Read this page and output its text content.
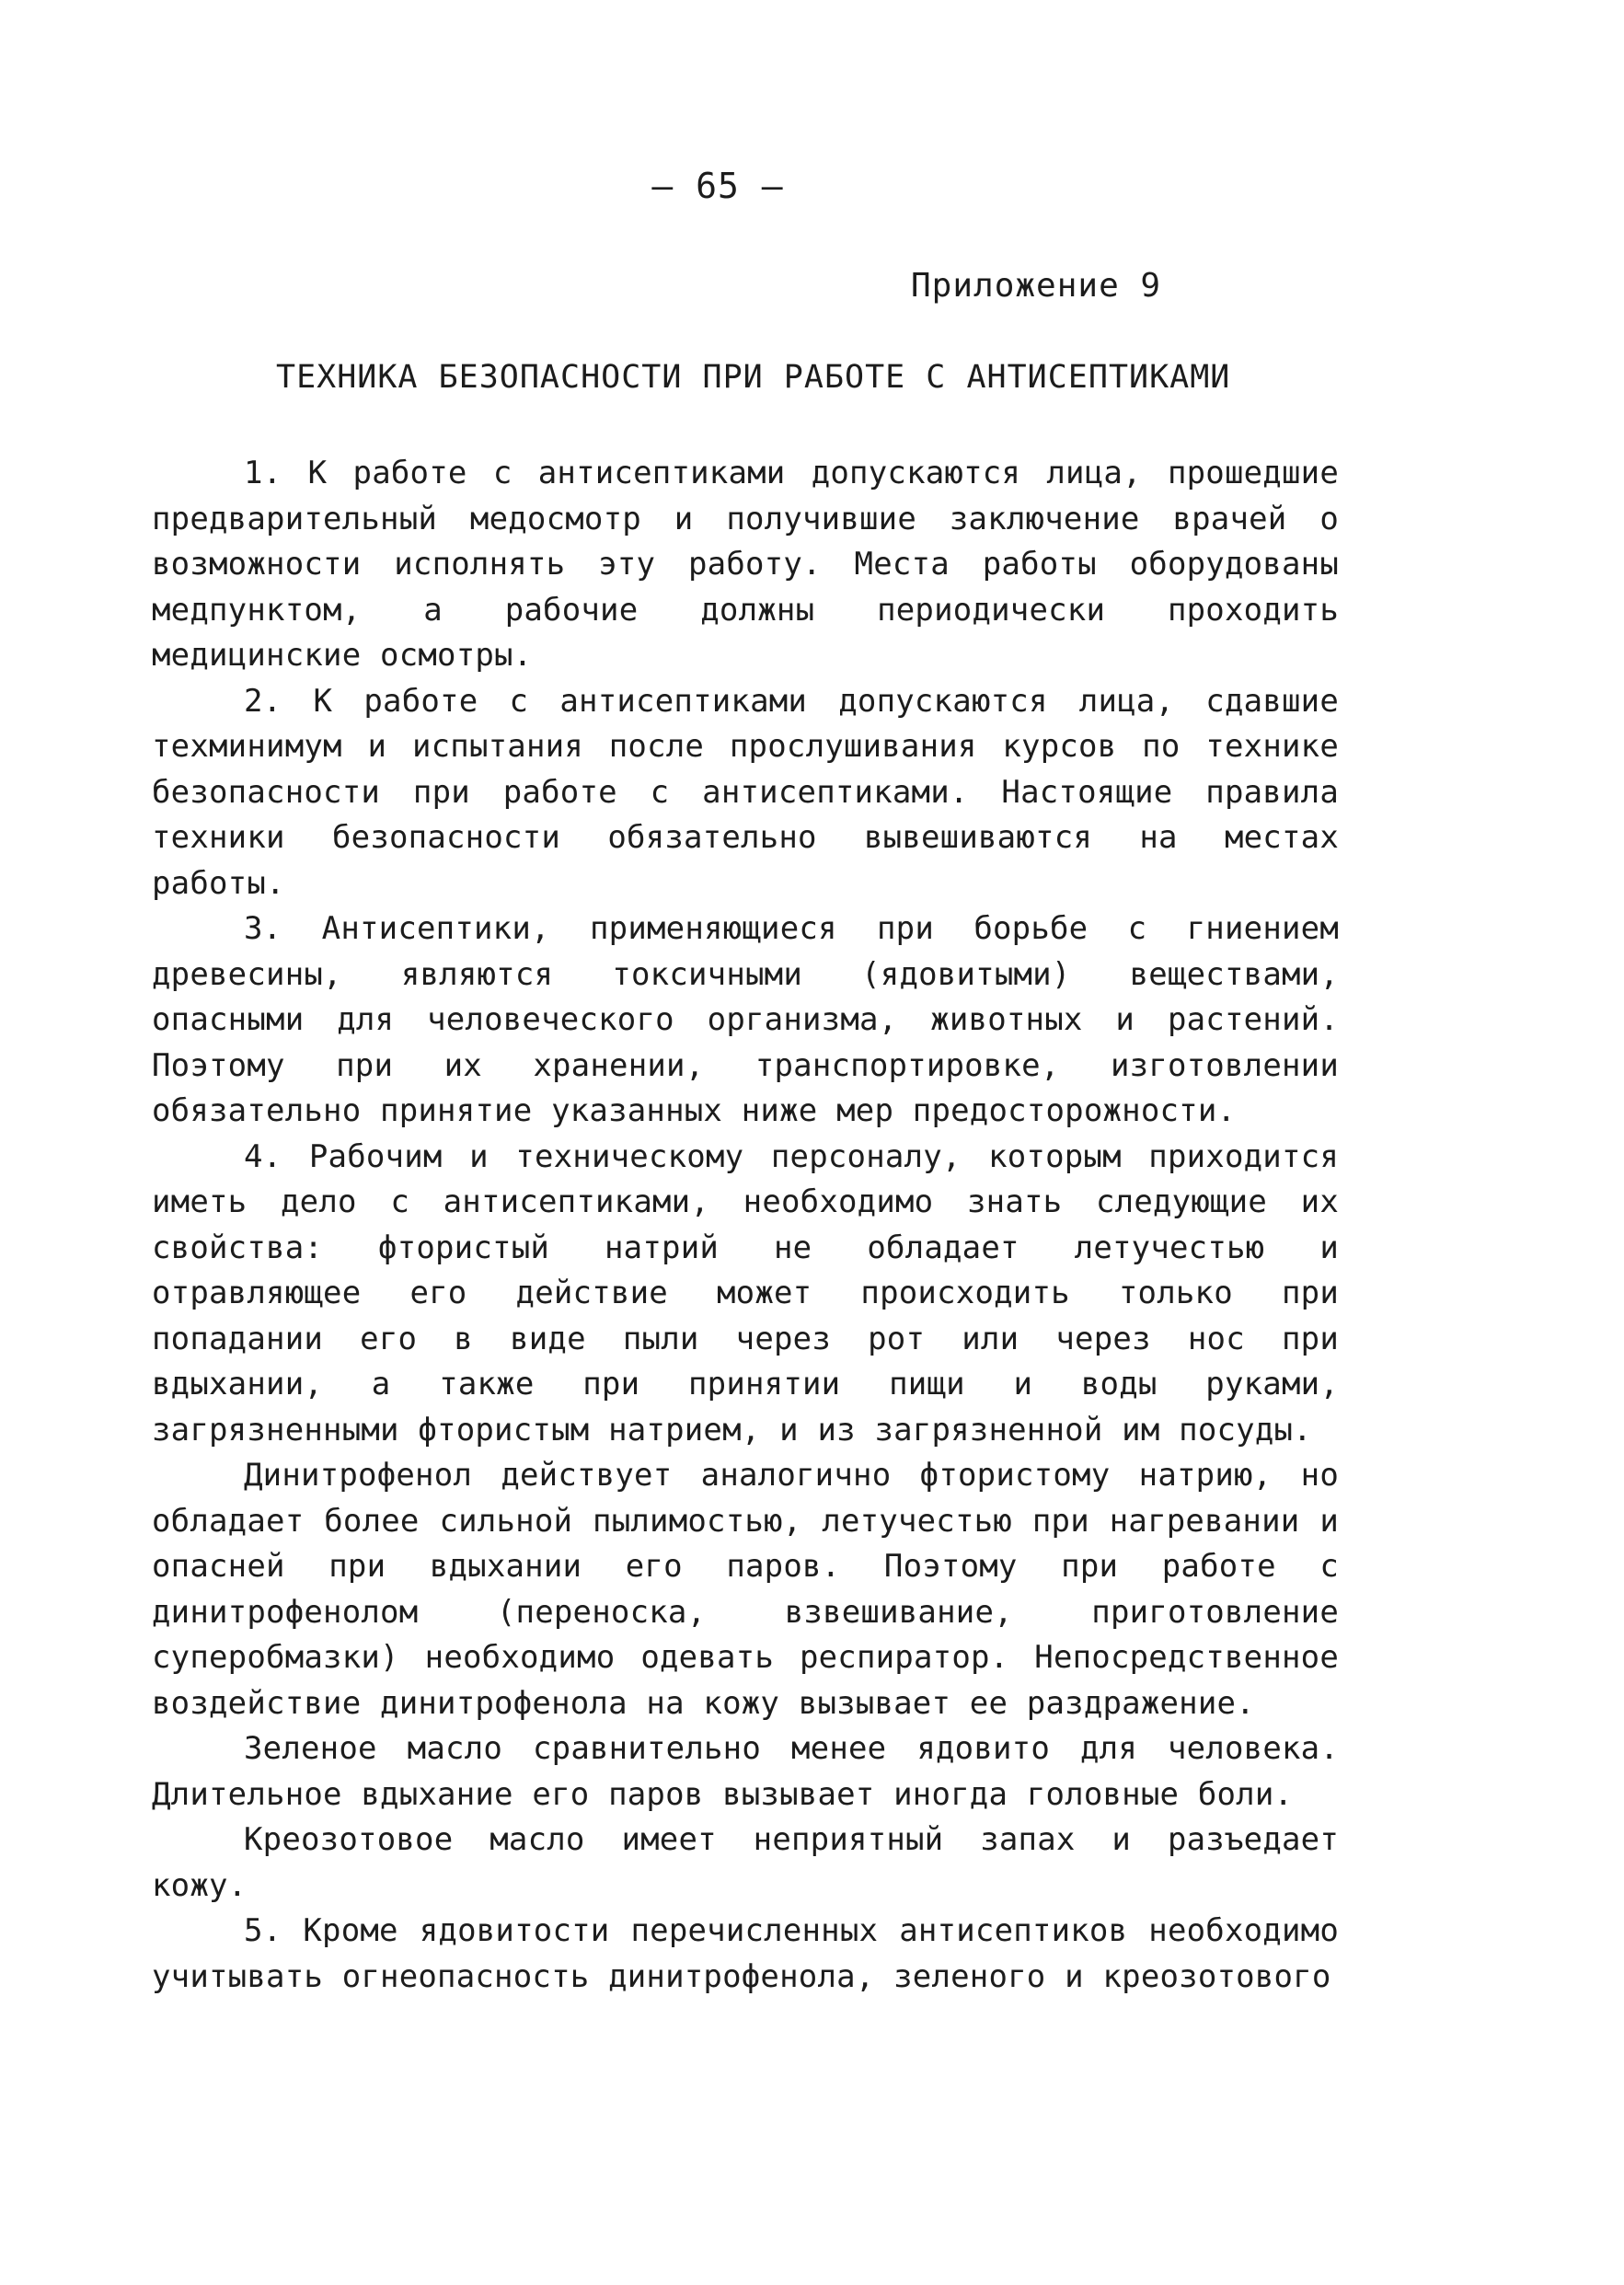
— 65 —
Приложение 9
ТЕХНИКА БЕЗОПАСНОСТИ ПРИ РАБОТЕ С АНТИСЕПТИКАМИ

1. К работе с антисептиками допускаются лица, прошедшие предварительный медосмотр и получившие заключение врачей о возможности исполнять эту работу. Места работы оборудованы медпунктом, а рабочие должны периодически проходить медицинские осмотры.

2. К работе с антисептиками допускаются лица, сдавшие техминимум и испытания после прослушивания курсов по технике безопасности при работе с антисептиками. Настоящие правила техники безопасности обязательно вывешиваются на местах работы.

3. Антисептики, применяющиеся при борьбе с гниением древесины, являются токсичными (ядовитыми) веществами, опасными для человеческого организма, животных и растений. Поэтому при их хранении, транспортировке, изготовлении обязательно принятие указанных ниже мер предосторожности.

4. Рабочим и техническому персоналу, которым приходится иметь дело с антисептиками, необходимо знать следующие их свойства: фтористый натрий не обладает летучестью и отравляющее его действие может происходить только при попадании его в виде пыли через рот или через нос при вдыхании, а также при принятии пищи и воды руками, загрязненными фтористым натрием, и из загрязненной им посуды.

Динитрофенол действует аналогично фтористому натрию, но обладает более сильной пылимостью, летучестью при нагревании и опасней при вдыхании его паров. Поэтому при работе с динитрофенолом (переноска, взвешивание, приготовление суперобмазки) необходимо одевать респиратор. Непосредственное воздействие динитрофенола на кожу вызывает ее раздражение.

Зеленое масло сравнительно менее ядовито для человека. Длительное вдыхание его паров вызывает иногда головные боли.

Креозотовое масло имеет неприятный запах и разъедает кожу.

5. Кроме ядовитости перечисленных антисептиков необходимо учитывать огнеопасность динитрофенола, зеленого и креозотового
